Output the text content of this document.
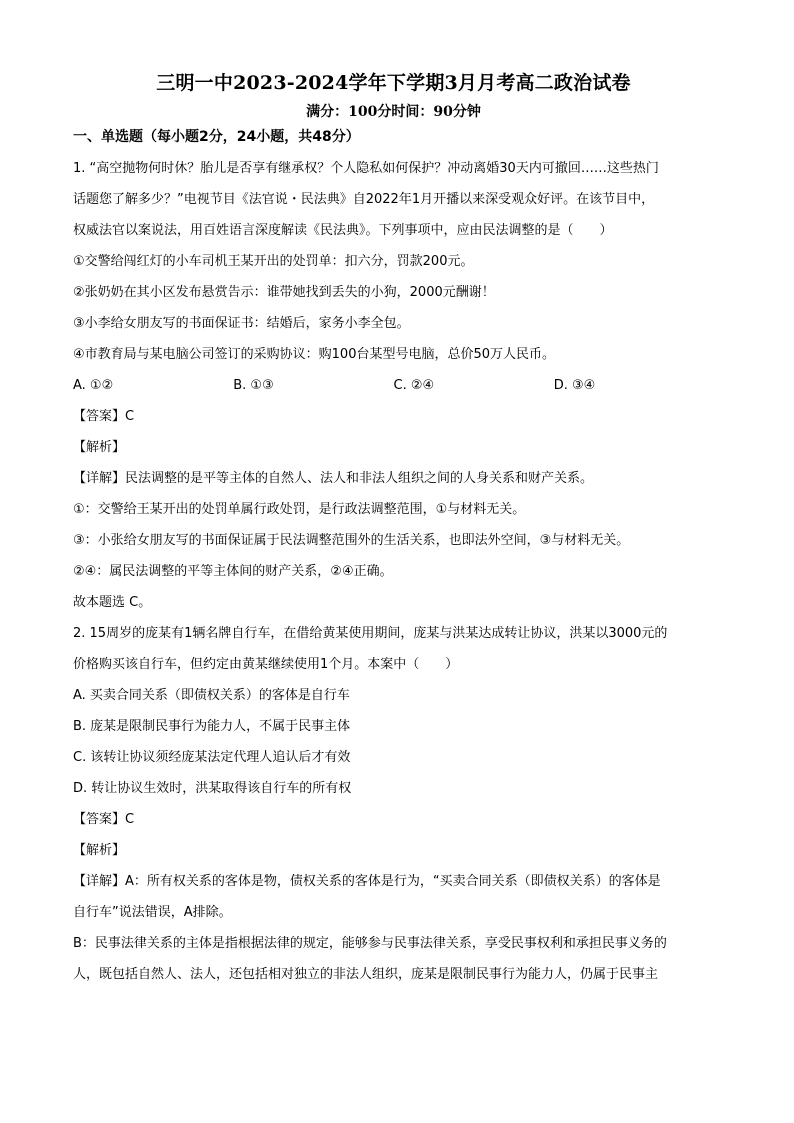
三明一中2023-2024学年下学期3月月考高二政治试卷
满分：100分时间：90分钟
一、单选题（每小题2分，24小题，共48分）
1. “高空抛物何时休？胎儿是否享有继承权？个人隐私如何保护？冲动离婚30天内可撤回……这些热门
话题您了解多少？”电视节目《法官说・民法典》自2022年1月开播以来深受观众好评。在该节目中，
权威法官以案说法，用百姓语言深度解读《民法典》。下列事项中，应由民法调整的是（　　）
①交警给闯红灯的小车司机王某开出的处罚单：扣六分，罚款200元。
②张奶奶在其小区发布悬赏告示：谁带她找到丢失的小狗，2000元酬谢！
③小李给女朋友写的书面保证书：结婚后，家务小李全包。
④市教育局与某电脑公司签订的采购协议：购100台某型号电脑，总价50万人民币。
A. ①②	B. ①③	C. ②④	D. ③④
【答案】C
【解析】
【详解】民法调整的是平等主体的自然人、法人和非法人组织之间的人身关系和财产关系。
①：交警给王某开出的处罚单属行政处罚，是行政法调整范围，①与材料无关。
③：小张给女朋友写的书面保证属于民法调整范围外的生活关系，也即法外空间，③与材料无关。
②④：属民法调整的平等主体间的财产关系，②④正确。
故本题选 C。
2. 15周岁的庞某有1辆名牌自行车，在借给黄某使用期间，庞某与洪某达成转让协议，洪某以3000元的
价格购买该自行车，但约定由黄某继续使用1个月。本案中（　　）
A. 买卖合同关系（即债权关系）的客体是自行车
B. 庞某是限制民事行为能力人，不属于民事主体
C. 该转让协议须经庞某法定代理人追认后才有效
D. 转让协议生效时，洪某取得该自行车的所有权
【答案】C
【解析】
【详解】A：所有权关系的客体是物，债权关系的客体是行为，“买卖合同关系（即债权关系）的客体是
自行车”说法错误，A排除。
B：民事法律关系的主体是指根据法律的规定，能够参与民事法律关系，享受民事权利和承担民事义务的
人，既包括自然人、法人，还包括相对独立的非法人组织，庞某是限制民事行为能力人，仍属于民事主
